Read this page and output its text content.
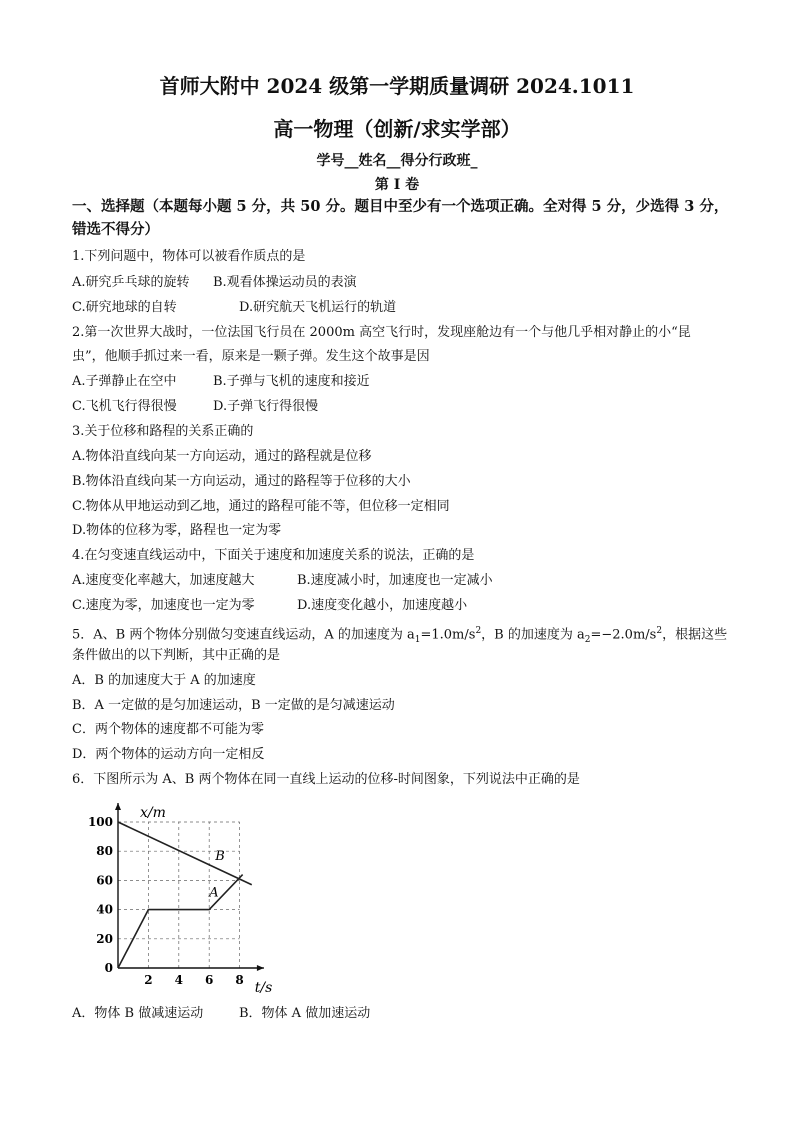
首师大附中 2024 级第一学期质量调研 2024.1011
高一物理（创新/求实学部）
学号__姓名__得分行政班_
第 I 卷
一、选择题（本题每小题 5 分，共 50 分。题目中至少有一个选项正确。全对得 5 分，少选得 3 分，错选不得分）
1.下列问题中，物体可以被看作质点的是
A.研究乒乓球的旋转 B.观看体操运动员的表演
C.研究地球的自转	D.研究航天飞机运行的轨道
2.第一次世界大战时，一位法国飞行员在 2000m 高空飞行时，发现座舱边有一个与他几乎相对静止的小“昆
虫”，他顺手抓过来一看，原来是一颗子弹。发生这个故事是因
A.子弹静止在空中	B.子弹与飞机的速度和接近
C.飞机飞行得很慢	D.子弹飞行得很慢
3.关于位移和路程的关系正确的
A.物体沿直线向某一方向运动，通过的路程就是位移
B.物体沿直线向某一方向运动，通过的路程等于位移的大小
C.物体从甲地运动到乙地，通过的路程可能不等，但位移一定相同
D.物体的位移为零，路程也一定为零
4.在匀变速直线运动中，下面关于速度和加速度关系的说法，正确的是
A.速度变化率越大，加速度越大	B.速度减小时，加速度也一定减小
C.速度为零，加速度也一定为零	D.速度变化越小，加速度越小
5．A、B 两个物体分别做匀变速直线运动，A 的加速度为 $a_1=1.0m/s^2$，B 的加速度为 $a_2=-2.0m/s^2$，根据这些
条件做出的以下判断，其中正确的是
A．B 的加速度大于 A 的加速度
B．A 一定做的是匀加速运动，B 一定做的是匀减速运动
C．两个物体的速度都不可能为零
D．两个物体的运动方向一定相反
6．下图所示为 A、B 两个物体在同一直线上运动的位移-时间图象，下列说法中正确的是
2 4 6 8
0
20
40
60
80
100
x/m
t/s
B
A
A．物体 B 做减速运动	B．物体 A 做加速运动
